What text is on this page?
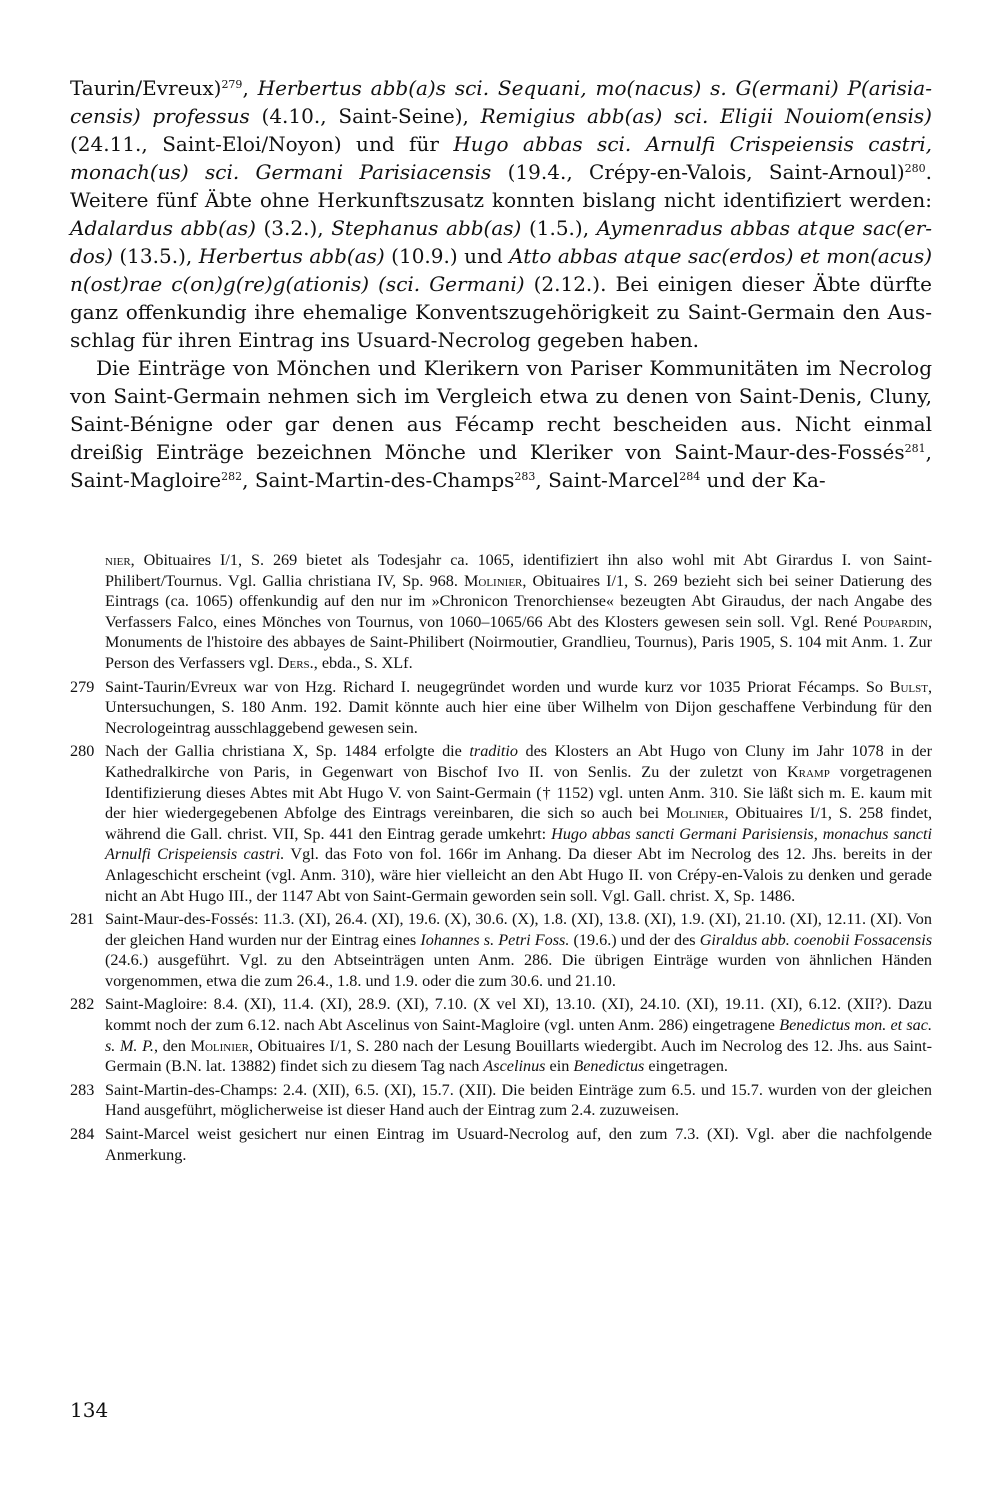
Taurin/Evreux)$^{279}$, Herbertus abb(a)s sci. Sequani, mo(nacus) s. G(ermani) P(arisiacensis) professus (4.10., Saint-Seine), Remigius abb(as) sci. Eligii Nouiom(ensis) (24.11., Saint-Eloi/Noyon) und für Hugo abbas sci. Arnulfi Crispeiensis castri, monach(us) sci. Germani Parisiacensis (19.4., Crépy-en-Valois, Saint-Arnoul)$^{280}$. Weitere fünf Äbte ohne Herkunftszusatz konnten bislang nicht identifiziert werden: Adalardus abb(as) (3.2.), Stephanus abb(as) (1.5.), Aymenradus abbas atque sac(erdos) (13.5.), Herbertus abb(as) (10.9.) und Atto abbas atque sac(erdos) et mon(acus) n(ost)rae c(on)g(re)g(ationis) (sci. Germani) (2.12.). Bei einigen dieser Äbte dürfte ganz offenkundig ihre ehemalige Konventszugehörigkeit zu Saint-Germain den Ausschlag für ihren Eintrag ins Usuard-Necrolog gegeben haben.

Die Einträge von Mönchen und Klerikern von Pariser Kommunitäten im Necrolog von Saint-Germain nehmen sich im Vergleich etwa zu denen von Saint-Denis, Cluny, Saint-Bénigne oder gar denen aus Fécamp recht bescheiden aus. Nicht einmal dreißig Einträge bezeichnen Mönche und Kleriker von Saint-Maur-des-Fossés$^{281}$, Saint-Magloire$^{282}$, Saint-Martin-des-Champs$^{283}$, Saint-Marcel$^{284}$ und der Ka-

nier, Obituaires I/1, S. 269 bietet als Todesjahr ca. 1065, identifiziert ihn also wohl mit Abt Girardus I. von Saint-Philibert/Tournus. Vgl. Gallia christiana IV, Sp. 968. Molinier, Obituaires I/1, S. 269 bezieht sich bei seiner Datierung des Eintrags (ca. 1065) offenkundig auf den nur im »Chronicon Trenorchiense« bezeugten Abt Giraudus, der nach Angabe des Verfassers Falco, eines Mönches von Tournus, von 1060–1065/66 Abt des Klosters gewesen sein soll. Vgl. René Poupardin, Monuments de l'histoire des abbayes de Saint-Philibert (Noirmoutier, Grandlieu, Tournus), Paris 1905, S. 104 mit Anm. 1. Zur Person des Verfassers vgl. Ders., ebda., S. XLf.
279 Saint-Taurin/Evreux war von Hzg. Richard I. neugegründet worden und wurde kurz vor 1035 Priorat Fécamps. So Bulst, Untersuchungen, S. 180 Anm. 192. Damit könnte auch hier eine über Wilhelm von Dijon geschaffene Verbindung für den Necrologeintrag ausschlaggebend gewesen sein.
280 Nach der Gallia christiana X, Sp. 1484 erfolgte die traditio des Klosters an Abt Hugo von Cluny im Jahr 1078 in der Kathedralkirche von Paris, in Gegenwart von Bischof Ivo II. von Senlis. Zu der zuletzt von Kramp vorgetragenen Identifizierung dieses Abtes mit Abt Hugo V. von Saint-Germain († 1152) vgl. unten Anm. 310. Sie läßt sich m. E. kaum mit der hier wiedergegebenen Abfolge des Eintrags vereinbaren, die sich so auch bei Molinier, Obituaires I/1, S. 258 findet, während die Gall. christ. VII, Sp. 441 den Eintrag gerade umkehrt: Hugo abbas sancti Germani Parisiensis, monachus sancti Arnulfi Crispeiensis castri. Vgl. das Foto von fol. 166r im Anhang. Da dieser Abt im Necrolog des 12. Jhs. bereits in der Anlageschicht erscheint (vgl. Anm. 310), wäre hier vielleicht an den Abt Hugo II. von Crépy-en-Valois zu denken und gerade nicht an Abt Hugo III., der 1147 Abt von Saint-Germain geworden sein soll. Vgl. Gall. christ. X, Sp. 1486.
281 Saint-Maur-des-Fossés: 11.3. (XI), 26.4. (XI), 19.6. (X), 30.6. (X), 1.8. (XI), 13.8. (XI), 1.9. (XI), 21.10. (XI), 12.11. (XI). Von der gleichen Hand wurden nur der Eintrag eines Iohannes s. Petri Foss. (19.6.) und der des Giraldus abb. coenobii Fossacensis (24.6.) ausgeführt. Vgl. zu den Abtseinträgen unten Anm. 286. Die übrigen Einträge wurden von ähnlichen Händen vorgenommen, etwa die zum 26.4., 1.8. und 1.9. oder die zum 30.6. und 21.10.
282 Saint-Magloire: 8.4. (XI), 11.4. (XI), 28.9. (XI), 7.10. (X vel XI), 13.10. (XI), 24.10. (XI), 19.11. (XI), 6.12. (XII?). Dazu kommt noch der zum 6.12. nach Abt Ascelinus von Saint-Magloire (vgl. unten Anm. 286) eingetragene Benedictus mon. et sac. s. M. P., den Molinier, Obituaires I/1, S. 280 nach der Lesung Bouillarts wiedergibt. Auch im Necrolog des 12. Jhs. aus Saint-Germain (B.N. lat. 13882) findet sich zu diesem Tag nach Ascelinus ein Benedictus eingetragen.
283 Saint-Martin-des-Champs: 2.4. (XII), 6.5. (XI), 15.7. (XII). Die beiden Einträge zum 6.5. und 15.7. wurden von der gleichen Hand ausgeführt, möglicherweise ist dieser Hand auch der Eintrag zum 2.4. zuzuweisen.
284 Saint-Marcel weist gesichert nur einen Eintrag im Usuard-Necrolog auf, den zum 7.3. (XI). Vgl. aber die nachfolgende Anmerkung.
134
